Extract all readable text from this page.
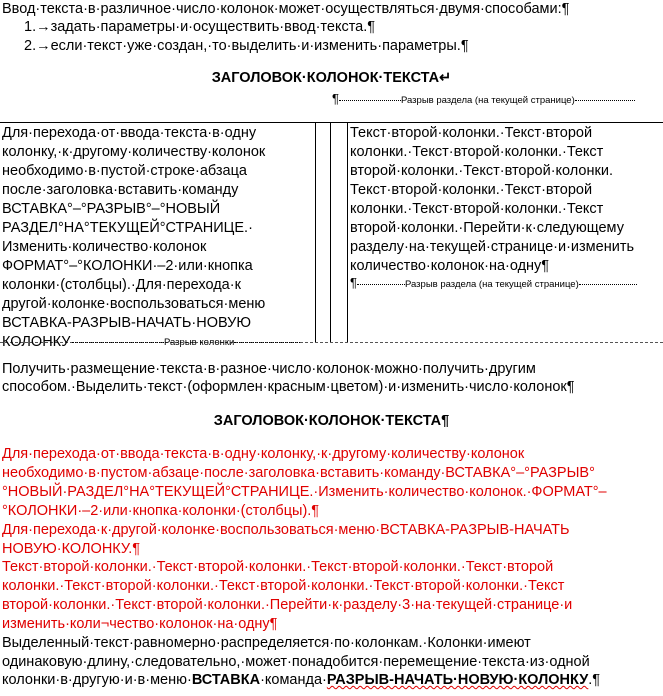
Ввод·текста·в·различное·число·колонок·может·осуществляться·двумя·способами:¶
1.→задать·параметры·и·осуществить·ввод·текста.¶
2.→если·текст·уже·создан,·то·выделить·и·изменить·параметры.¶
ЗАГОЛОВОК·КОЛОНОК·ТЕКСТА↵
¶	Разрыв раздела (на текущей странице)
Для·перехода·от·ввода·текста·в·одну
колонку,·к·другому·количеству·колонок
необходимо·в·пустой·строке·абзаца
после·заголовка·вставить·команду
ВСТАВКА°–°РАЗРЫВ°–°НОВЫЙ
РАЗДЕЛ°НА°ТЕКУЩЕЙ°СТРАНИЦЕ.·
Изменить·количество·колонок
ФОРМАТ°–°КОЛОНКИ·–2·или·кнопка
колонки·(столбцы).·Для·перехода·к
другой·колонке·воспользоваться·меню
ВСТАВКА-РАЗРЫВ-НАЧАТЬ·НОВУЮ
КОЛОНКУ	Разрыв колонки
Текст·второй·колонки.·Текст·второй
колонки.·Текст·второй·колонки.·Текст
второй·колонки.·Текст·второй·колонки.
Текст·второй·колонки.·Текст·второй
колонки.·Текст·второй·колонки.·Текст
второй·колонки.·Перейти·к·следующему
разделу·на·текущей·странице·и·изменить
количество·колонок·на·одну¶
¶	Разрыв раздела (на текущей странице)
Получить·размещение·текста·в·разное·число·колонок·можно·получить·другим
способом.·Выделить·текст·(оформлен·красным·цветом)·и·изменить·число·колонок¶
ЗАГОЛОВОК·КОЛОНОК·ТЕКСТА¶
Для·перехода·от·ввода·текста·в·одну·колонку,·к·другому·количеству·колонок
необходимо·в·пустом·абзаце·после·заголовка·вставить·команду·ВСТАВКА°–°РАЗРЫВ°
°НОВЫЙ·РАЗДЕЛ°НА°ТЕКУЩЕЙ°СТРАНИЦЕ.·Изменить·количество·колонок.·ФОРМАТ°–
°КОЛОНКИ·–2·или·кнопка·колонки·(столбцы).¶
Для·перехода·к·другой·колонке·воспользоваться·меню·ВСТАВКА-РАЗРЫВ-НАЧАТЬ
НОВУЮ·КОЛОНКУ.¶
Текст·второй·колонки.·Текст·второй·колонки.·Текст·второй·колонки.·Текст·второй
колонки.·Текст·второй·колонки.·Текст·второй·колонки.·Текст·второй·колонки.·Текст
второй·колонки.·Текст·второй·колонки.·Перейти·к·разделу·3·на·текущей·странице·и
изменить·коли¬чество·колонок·на·одну¶
Выделенный·текст·равномерно·распределяется·по·колонкам.·Колонки·имеют
одинаковую·длину,·следовательно,·может·понадобится·перемещение·текста·из·одной
колонки·в·другую·и·в·меню·ВСТАВКА·команда·РАЗРЫВ-НАЧАТЬ·НОВУЮ·КОЛОНКУ.¶
